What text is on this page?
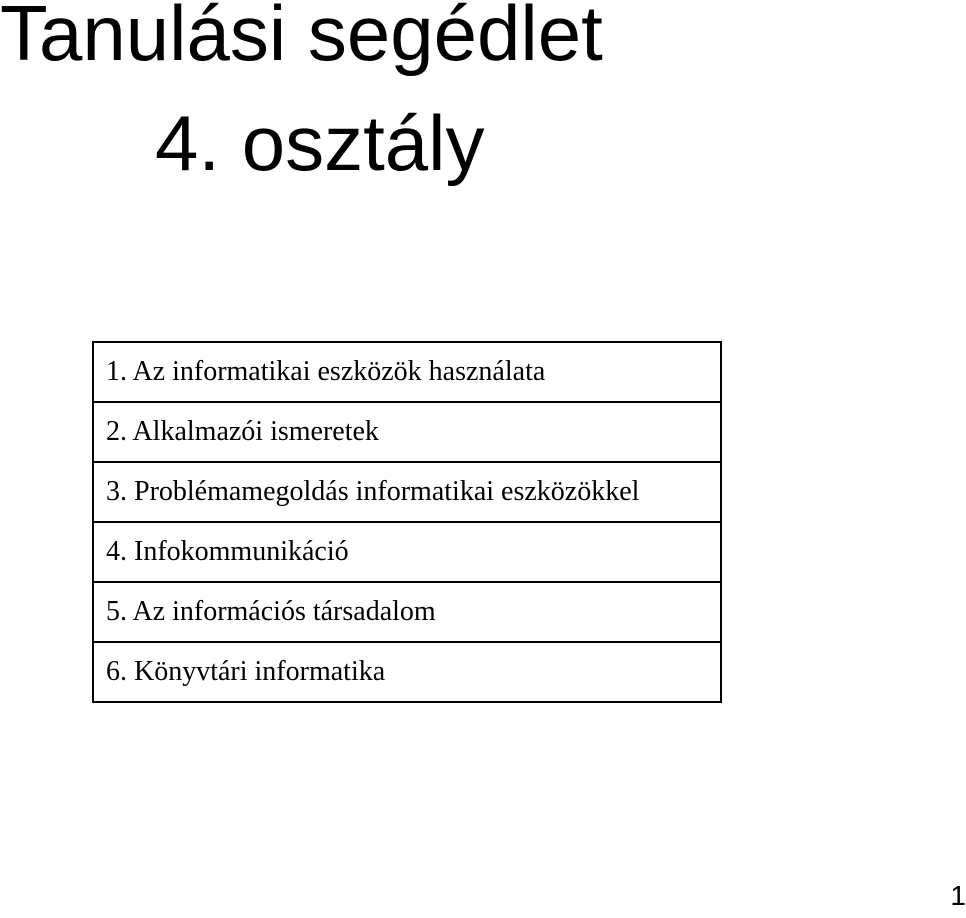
Tanulási segédlet
4. osztály
1. Az informatikai eszközök használata
2. Alkalmazói ismeretek
3. Problémamegoldás informatikai eszközökkel
4. Infokommunikáció
5. Az információs társadalom
6. Könyvtári informatika
1
